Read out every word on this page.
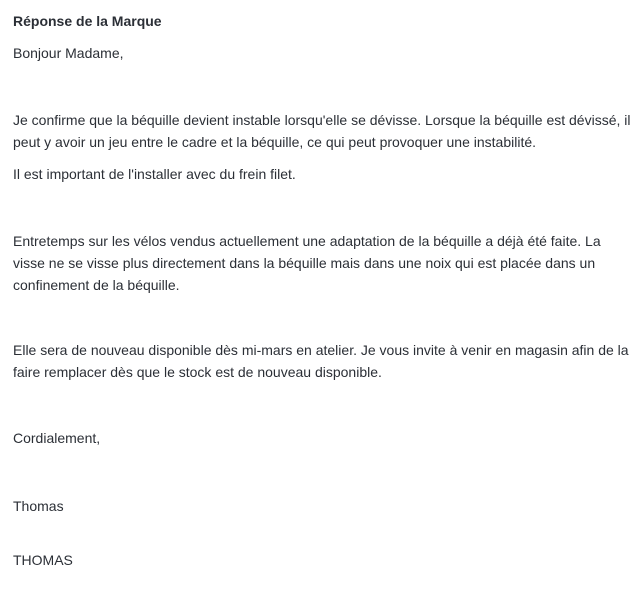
Réponse de la Marque

Bonjour Madame,

Je confirme que la béquille devient instable lorsqu'elle se dévisse. Lorsque la béquille est dévissé, il peut y avoir un jeu entre le cadre et la béquille, ce qui peut provoquer une instabilité.

Il est important de l'installer avec du frein filet.

Entretemps sur les vélos vendus actuellement une adaptation de la béquille a déjà été faite. La visse ne se visse plus directement dans la béquille mais dans une noix qui est placée dans un confinement de la béquille.

Elle sera de nouveau disponible dès mi-mars en atelier. Je vous invite à venir en magasin afin de la faire remplacer dès que le stock est de nouveau disponible.

Cordialement,

Thomas

THOMAS
